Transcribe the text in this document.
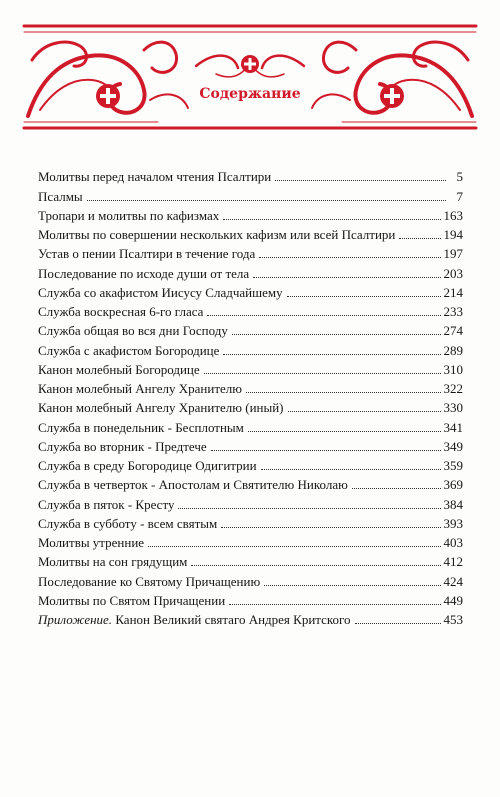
Содержание
Молитвы перед началом чтения Псалтири	5
Псалмы	7
Тропари и молитвы по кафизмах	163
Молитвы по совершении нескольких кафизм или всей Псалтири	194
Устав о пении Псалтири в течение года	197
Последование по исходе души от тела	203
Служба со акафистом Иисусу Сладчайшему	214
Служба воскресная 6-го гласа	233
Служба общая во вся дни Господу	274
Служба с акафистом Богородице	289
Канон молебный Богородице	310
Канон молебный Ангелу Хранителю	322
Канон молебный Ангелу Хранителю (иный)	330
Служба в понедельник - Бесплотным	341
Служба во вторник - Предтече	349
Служба в среду Богородице Одигитрии	359
Служба в четверток - Апостолам и Святителю Николаю	369
Служба в пяток - Кресту	384
Служба в субботу - всем святым	393
Молитвы утренние	403
Молитвы на сон грядущим	412
Последование ко Святому Причащению	424
Молитвы по Святом Причащении	449
Приложение. Канон Великий святаго Андрея Критского	453
